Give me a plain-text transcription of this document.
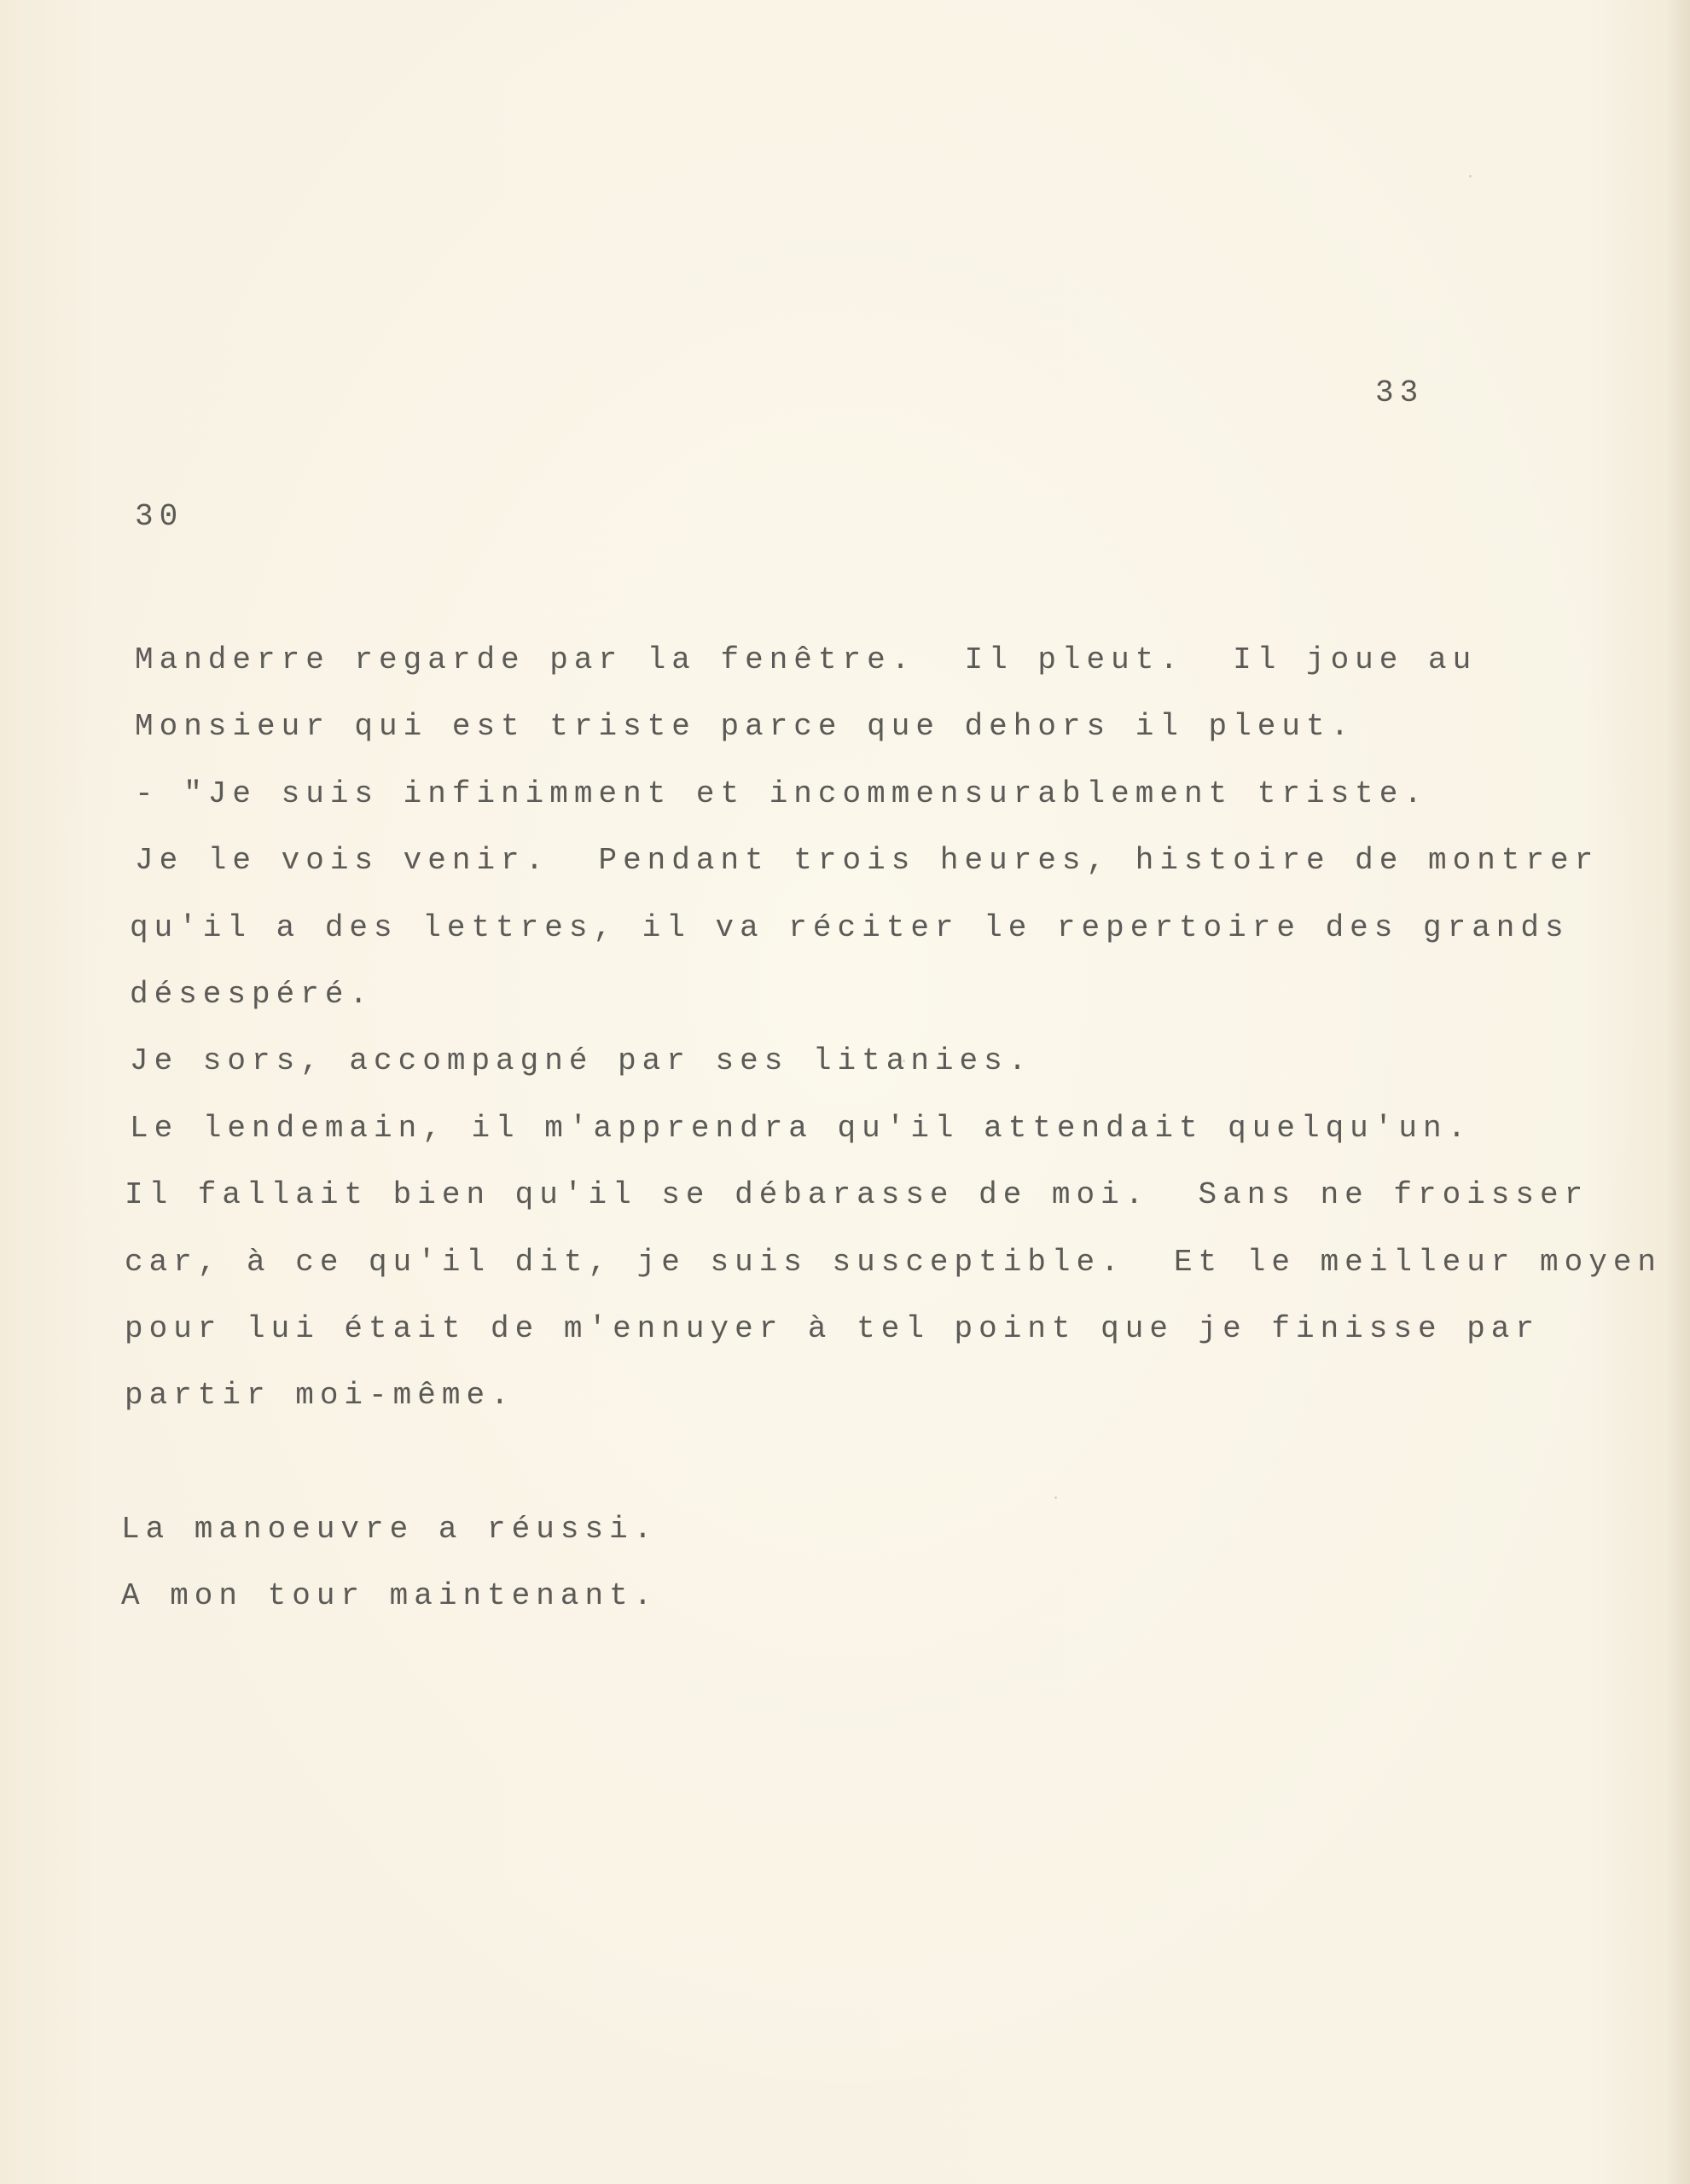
33
30
Manderre regarde par la fenêtre.  Il pleut.  Il joue au
Monsieur qui est triste parce que dehors il pleut.
- "Je suis infinimment et incommensurablement triste.
Je le vois venir.  Pendant trois heures, histoire de montrer
qu'il a des lettres, il va réciter le repertoire des grands
désespéré.
Je sors, accompagné par ses litanies.
Le lendemain, il m'apprendra qu'il attendait quelqu'un.
Il fallait bien qu'il se débarasse de moi.  Sans ne froisser
car, à ce qu'il dit, je suis susceptible.  Et le meilleur moyen
pour lui était de m'ennuyer à tel point que je finisse par
partir moi-même.
La manoeuvre a réussi.
A mon tour maintenant.
